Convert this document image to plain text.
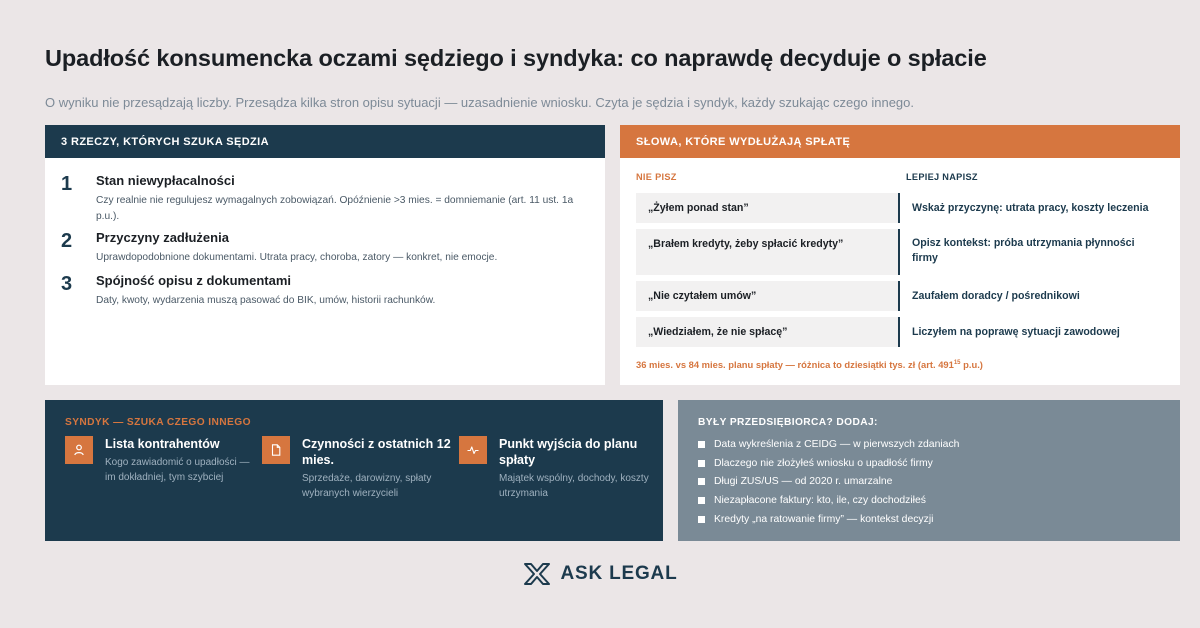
Upadłość konsumencka oczami sędziego i syndyka: co naprawdę decyduje o spłacie
O wyniku nie przesądzają liczby. Przesądza kilka stron opisu sytuacji — uzasadnienie wniosku. Czyta je sędzia i syndyk, każdy szukając czego innego.
3 RZECZY, KTÓRYCH SZUKA SĘDZIA
1	Stan niewypłacalności
Czy realnie nie regulujesz wymagalnych zobowiązań. Opóźnienie >3 mies. = domniemanie (art. 11 ust. 1a p.u.).
2	Przyczyny zadłużenia
Uprawdopodobnione dokumentami. Utrata pracy, choroba, zatory — konkret, nie emocje.
3	Spójność opisu z dokumentami
Daty, kwoty, wydarzenia muszą pasować do BIK, umów, historii rachunków.
SŁOWA, KTÓRE WYDŁUŻAJĄ SPŁATĘ
NIE PISZ	LEPIEJ NAPISZ
„Żyłem ponad stan”	Wskaż przyczynę: utrata pracy, koszty leczenia
„Brałem kredyty, żeby spłacić kredyty”	Opisz kontekst: próba utrzymania płynności firmy
„Nie czytałem umów”	Zaufałem doradcy / pośrednikowi
„Wiedziałem, że nie spłacę”	Liczyłem na poprawę sytuacji zawodowej
36 mies. vs 84 mies. planu spłaty — różnica to dziesiątki tys. zł (art. $491^{15}$ p.u.)
SYNDYK — SZUKA CZEGO INNEGO
Lista kontrahentów
Kogo zawiadomić o upadłości — im dokładniej, tym szybciej
Czynności z ostatnich 12 mies.
Sprzedaże, darowizny, spłaty wybranych wierzycieli
Punkt wyjścia do planu spłaty
Majątek wspólny, dochody, koszty utrzymania
BYŁY PRZEDSIĘBIORCA? DODAJ:
Data wykreślenia z CEIDG — w pierwszych zdaniach
Dlaczego nie złożyłeś wniosku o upadłość firmy
Długi ZUS/US — od 2020 r. umarzalne
Niezapłacone faktury: kto, ile, czy dochodziłeś
Kredyty „na ratowanie firmy” — kontekst decyzji
ASK LEGAL
